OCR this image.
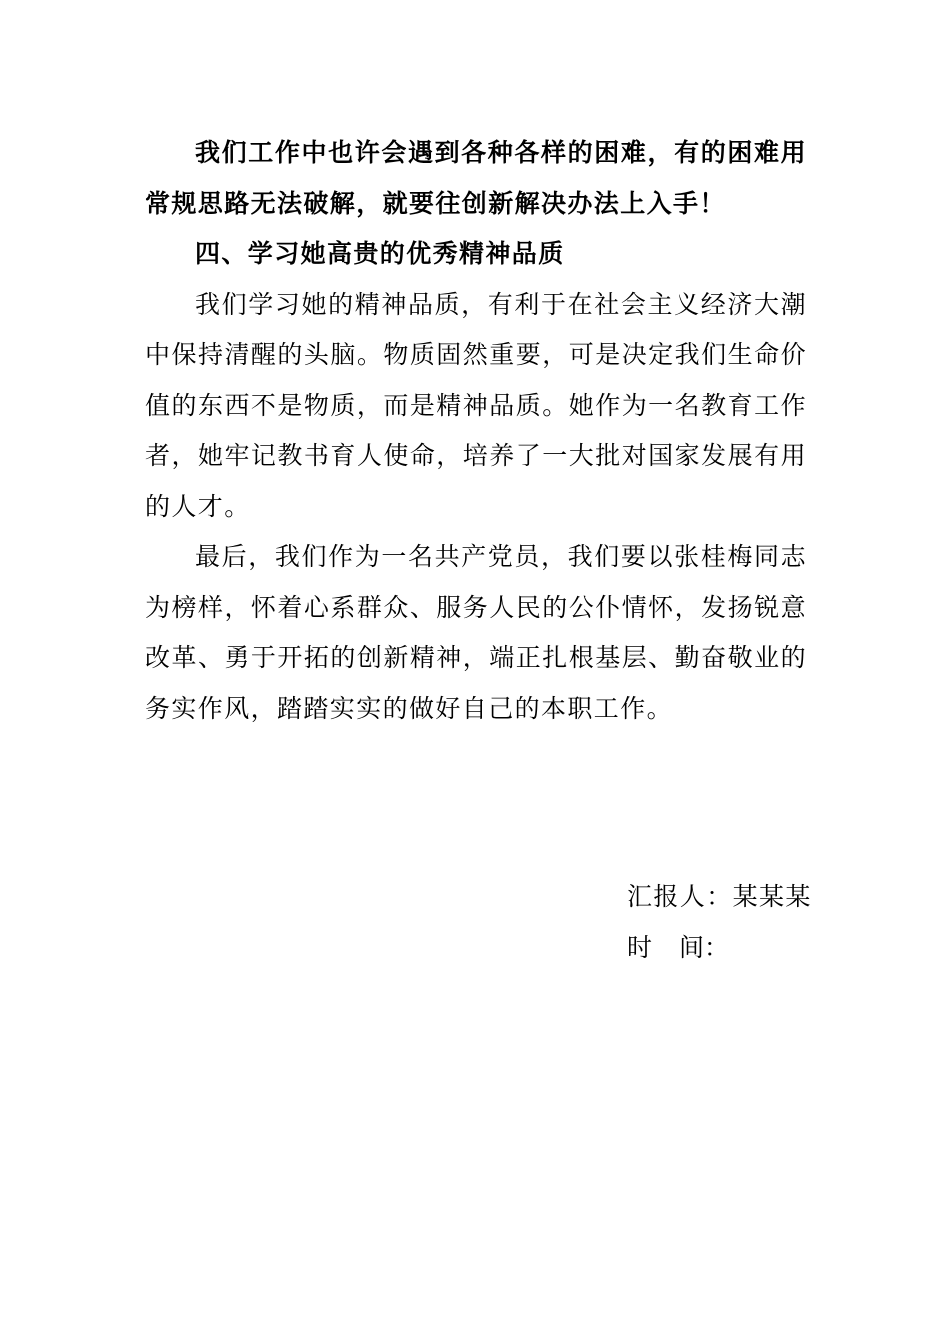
我们工作中也许会遇到各种各样的困难，有的困难用常规思路无法破解，就要往创新解决办法上入手！

四、学习她高贵的优秀精神品质

我们学习她的精神品质，有利于在社会主义经济大潮中保持清醒的头脑。物质固然重要，可是决定我们生命价值的东西不是物质，而是精神品质。她作为一名教育工作者，她牢记教书育人使命，培养了一大批对国家发展有用的人才。

最后，我们作为一名共产党员，我们要以张桂梅同志为榜样，怀着心系群众、服务人民的公仆情怀，发扬锐意改革、勇于开拓的创新精神，端正扎根基层、勤奋敬业的务实作风，踏踏实实的做好自己的本职工作。

汇报人：某某某
时 间：
